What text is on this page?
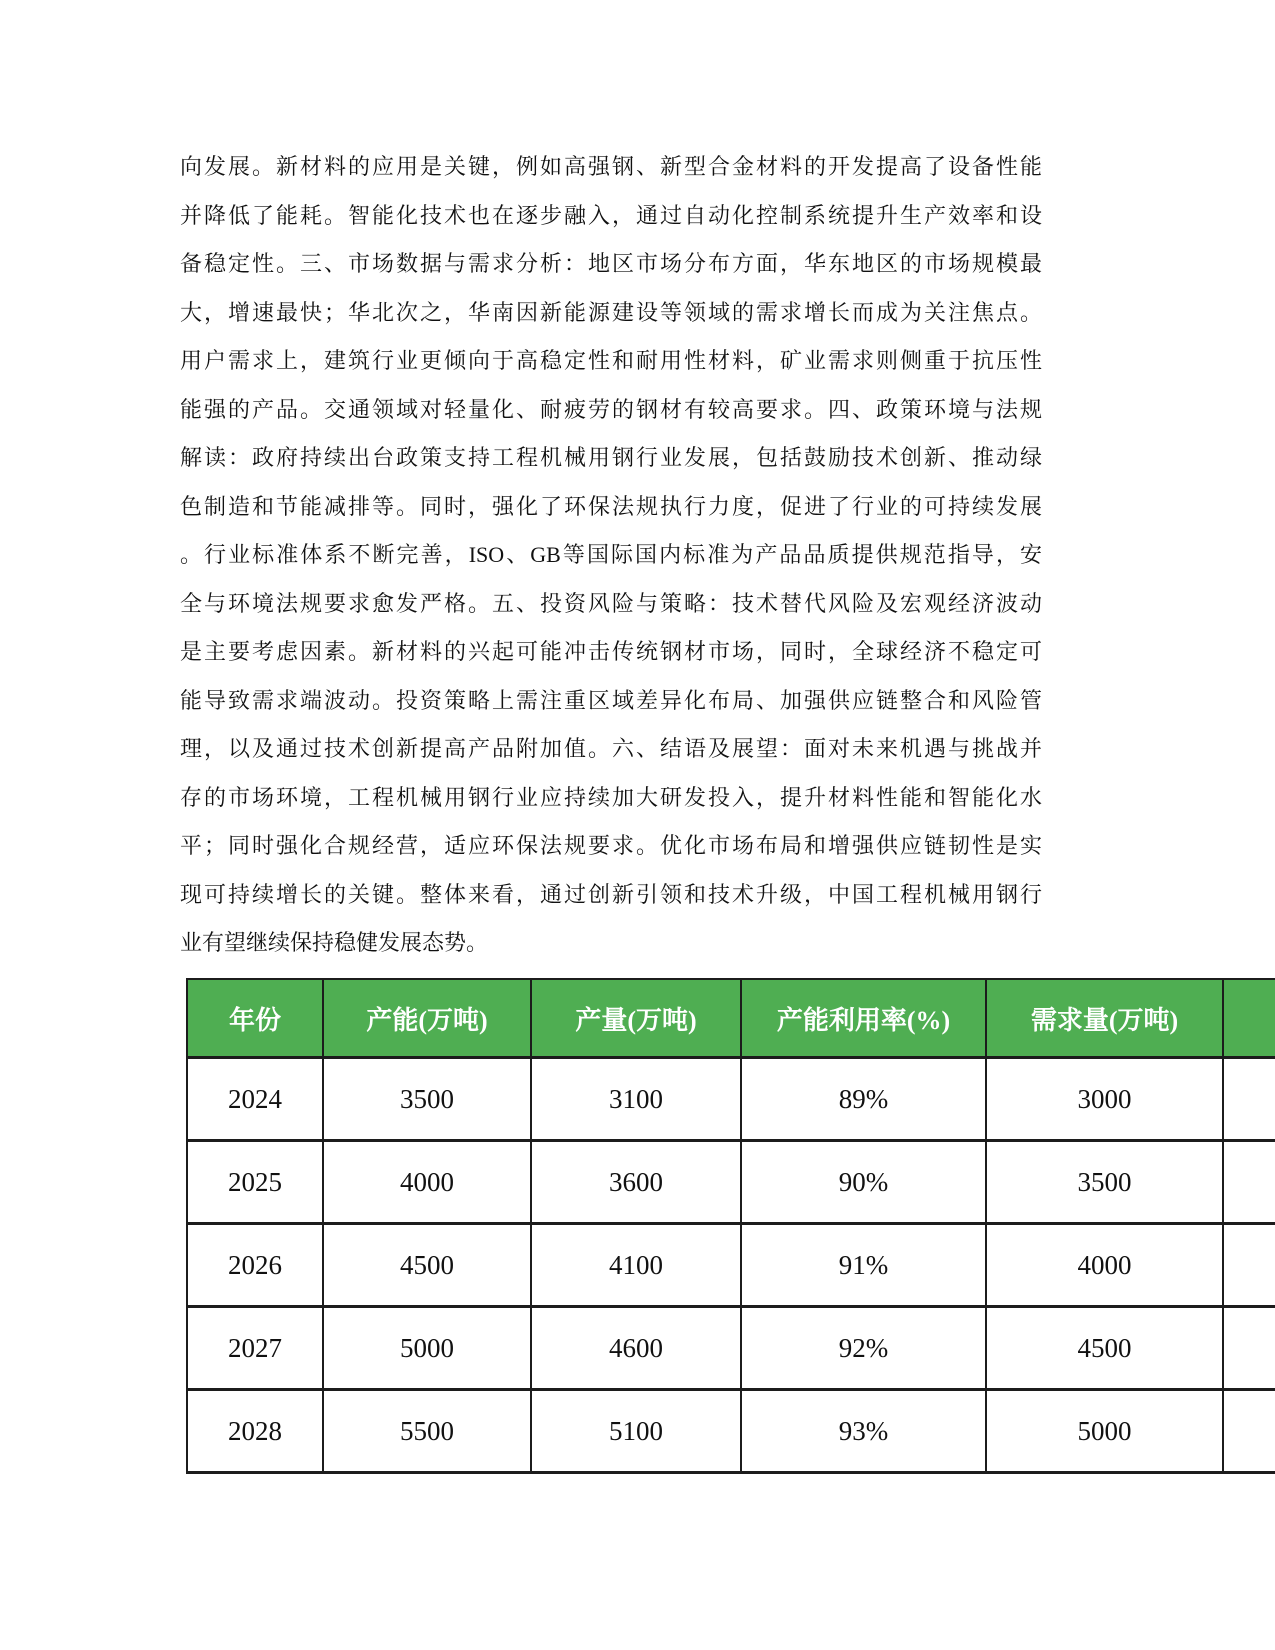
向发展。新材料的应用是关键，例如高强钢、新型合金材料的开发提高了设备性能
并降低了能耗。智能化技术也在逐步融入，通过自动化控制系统提升生产效率和设
备稳定性。三、市场数据与需求分析：地区市场分布方面，华东地区的市场规模最
大，增速最快；华北次之，华南因新能源建设等领域的需求增长而成为关注焦点。
用户需求上，建筑行业更倾向于高稳定性和耐用性材料，矿业需求则侧重于抗压性
能强的产品。交通领域对轻量化、耐疲劳的钢材有较高要求。四、政策环境与法规
解读：政府持续出台政策支持工程机械用钢行业发展，包括鼓励技术创新、推动绿
色制造和节能减排等。同时，强化了环保法规执行力度，促进了行业的可持续发展
。行业标准体系不断完善，ISO、GB等国际国内标准为产品品质提供规范指导，安
全与环境法规要求愈发严格。五、投资风险与策略：技术替代风险及宏观经济波动
是主要考虑因素。新材料的兴起可能冲击传统钢材市场，同时，全球经济不稳定可
能导致需求端波动。投资策略上需注重区域差异化布局、加强供应链整合和风险管
理，以及通过技术创新提高产品附加值。六、结语及展望：面对未来机遇与挑战并
存的市场环境，工程机械用钢行业应持续加大研发投入，提升材料性能和智能化水
平；同时强化合规经营，适应环保法规要求。优化市场布局和增强供应链韧性是实
现可持续增长的关键。整体来看，通过创新引领和技术升级，中国工程机械用钢行
业有望继续保持稳健发展态势。
年份	产能(万吨)	产量(万吨)	产能利用率(%)	需求量(万吨)	
2024	3500	3100	89%	3000	
2025	4000	3600	90%	3500	
2026	4500	4100	91%	4000	
2027	5000	4600	92%	4500	
2028	5500	5100	93%	5000	
